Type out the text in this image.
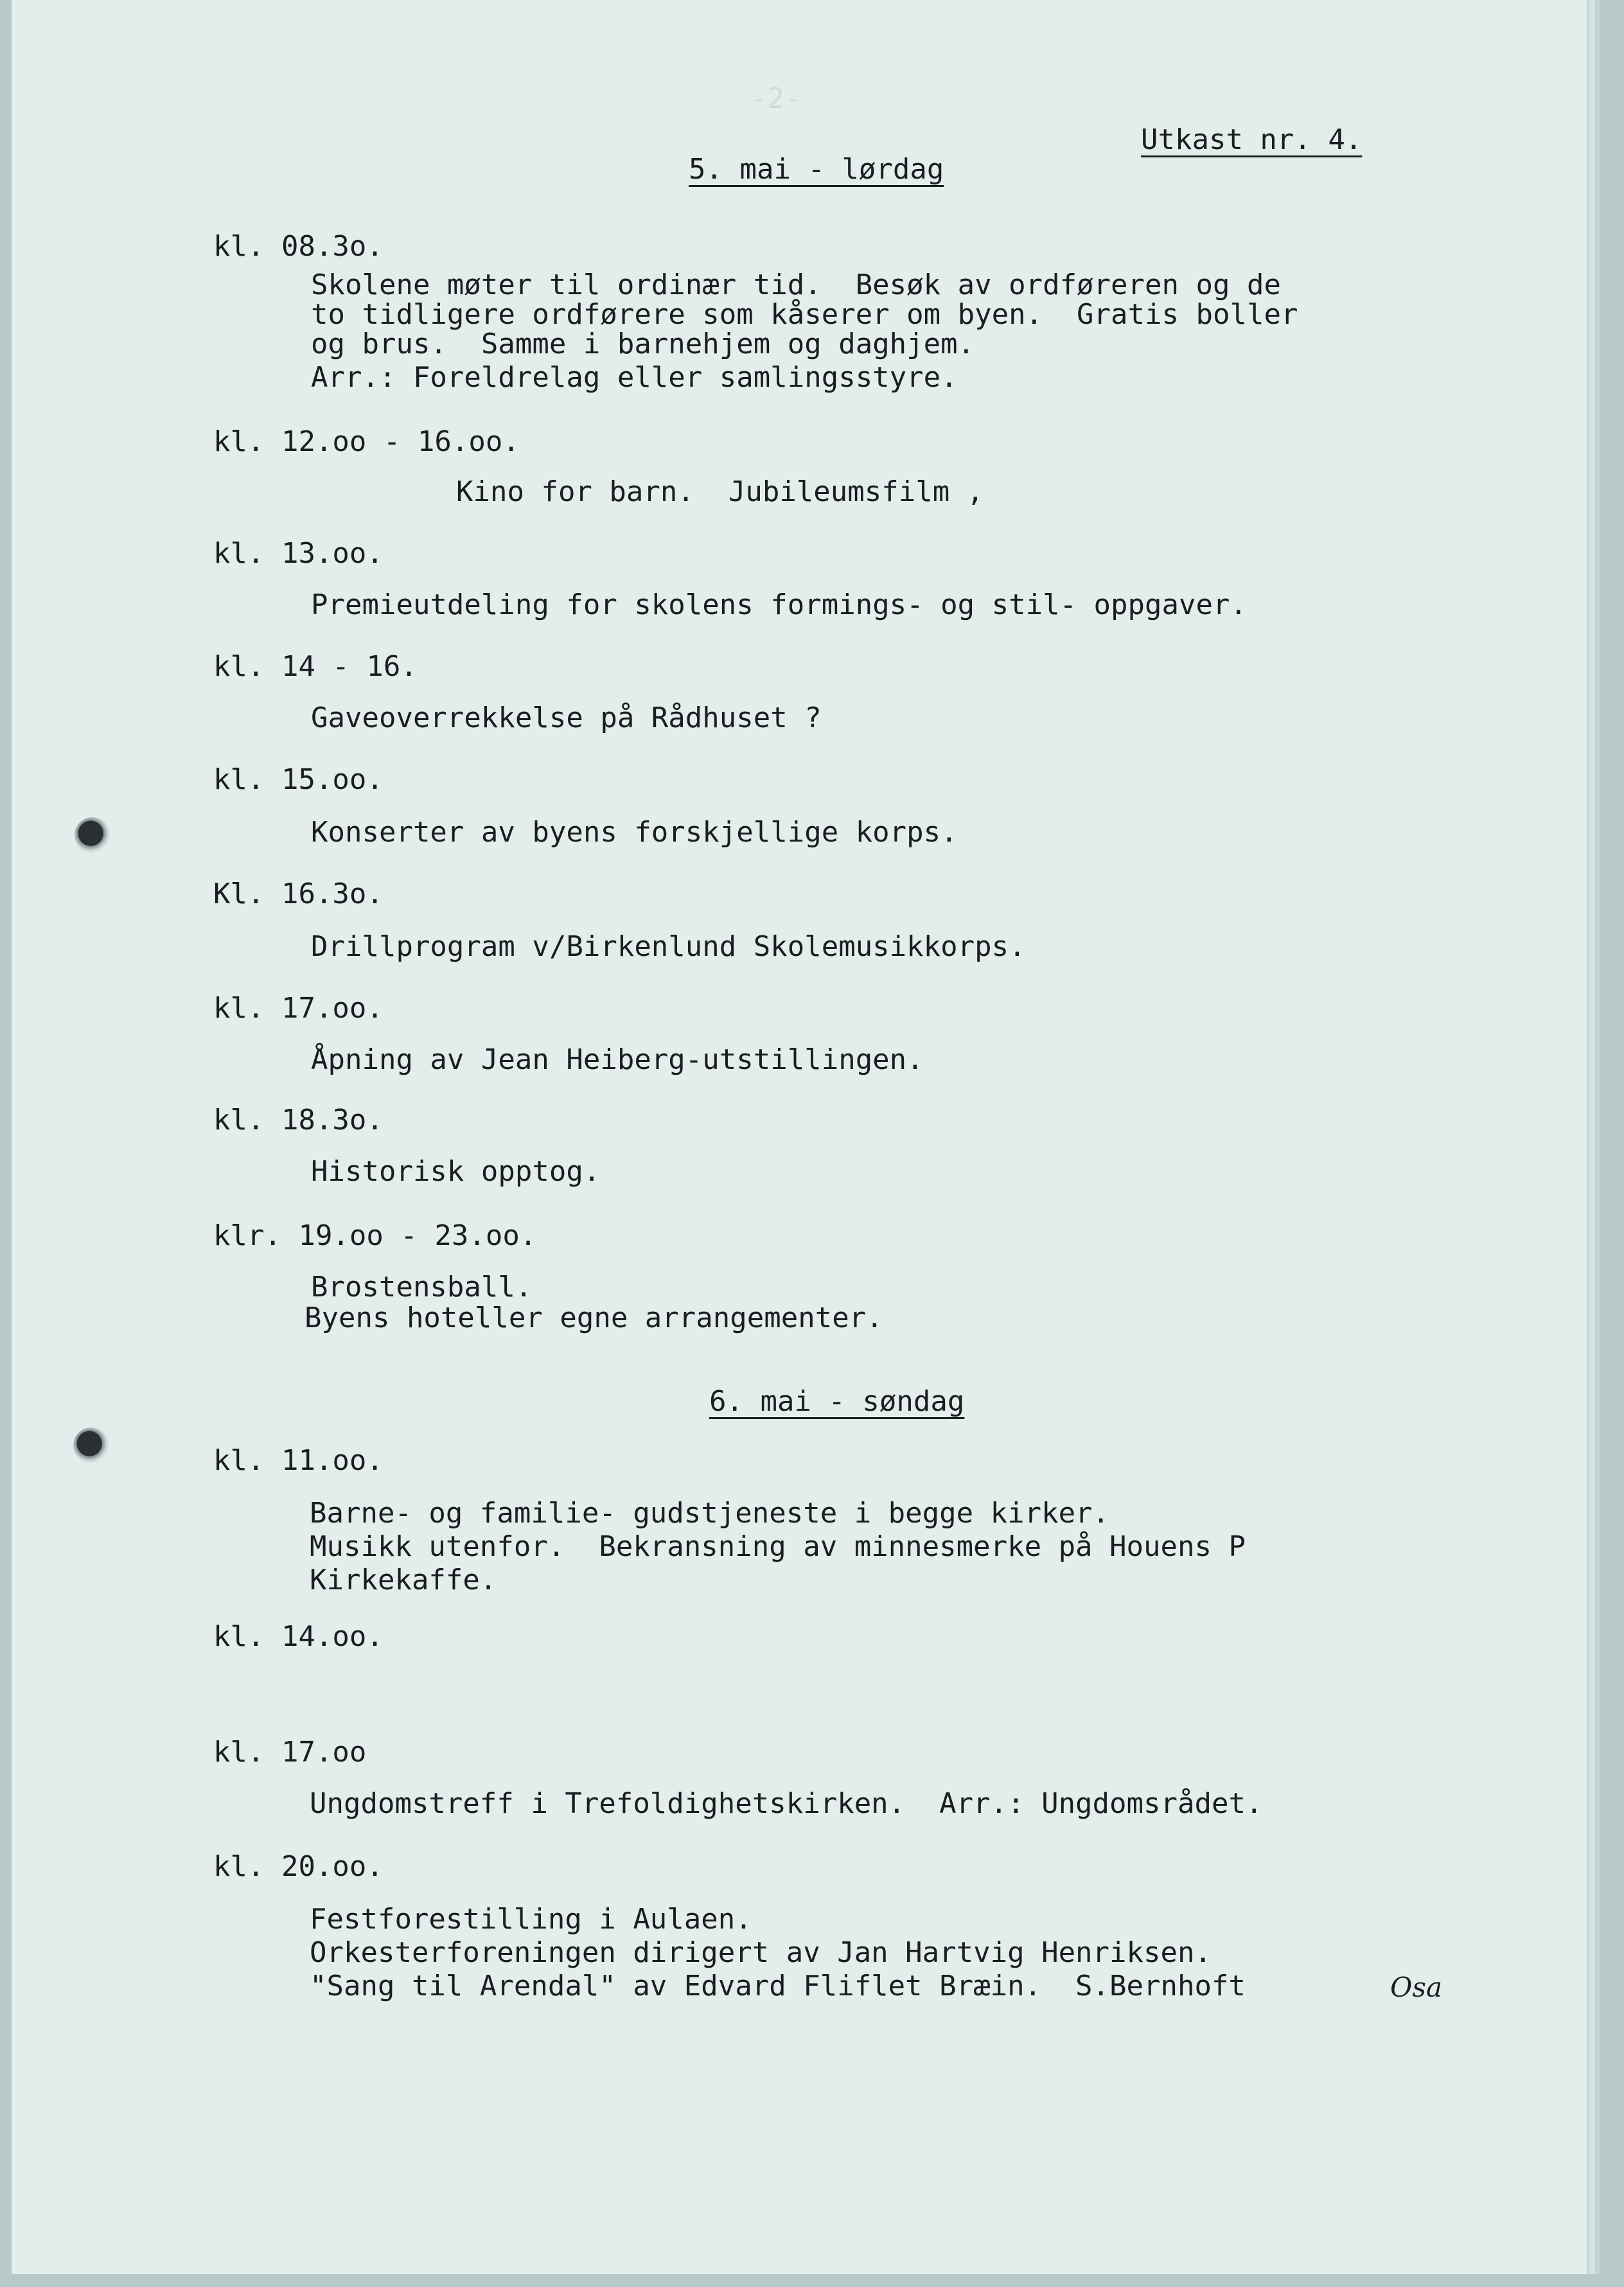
-2-

Utkast nr. 4.

5. mai - lørdag

kl. 08.3o.

Skolene møter til ordinær tid.  Besøk av ordføreren og de

to tidligere ordførere som kåserer om byen.  Gratis boller

og brus.  Samme i barnehjem og daghjem.

Arr.: Foreldrelag eller samlingsstyre.

kl. 12.oo - 16.oo.

Kino for barn.  Jubileumsfilm ,

kl. 13.oo.

Premieutdeling for skolens formings- og stil- oppgaver.

kl. 14 - 16.

Gaveoverrekkelse på Rådhuset ?

kl. 15.oo.

Konserter av byens forskjellige korps.

Kl. 16.3o.

Drillprogram v/Birkenlund Skolemusikkorps.

kl. 17.oo.

Åpning av Jean Heiberg-utstillingen.

kl. 18.3o.

Historisk opptog.

klr. 19.oo - 23.oo.

Brostensball.

Byens hoteller egne arrangementer.

6. mai - søndag

kl. 11.oo.

Barne- og familie- gudstjeneste i begge kirker.

Musikk utenfor.  Bekransning av minnesmerke på Houens P

Kirkekaffe.

kl. 14.oo.

kl. 17.oo

Ungdomstreff i Trefoldighetskirken.  Arr.: Ungdomsrådet.

kl. 20.oo.

Festforestilling i Aulaen.

Orkesterforeningen dirigert av Jan Hartvig Henriksen.

"Sang til Arendal" av Edvard Fliflet Bræin.  S.Bernhoft	Osa
